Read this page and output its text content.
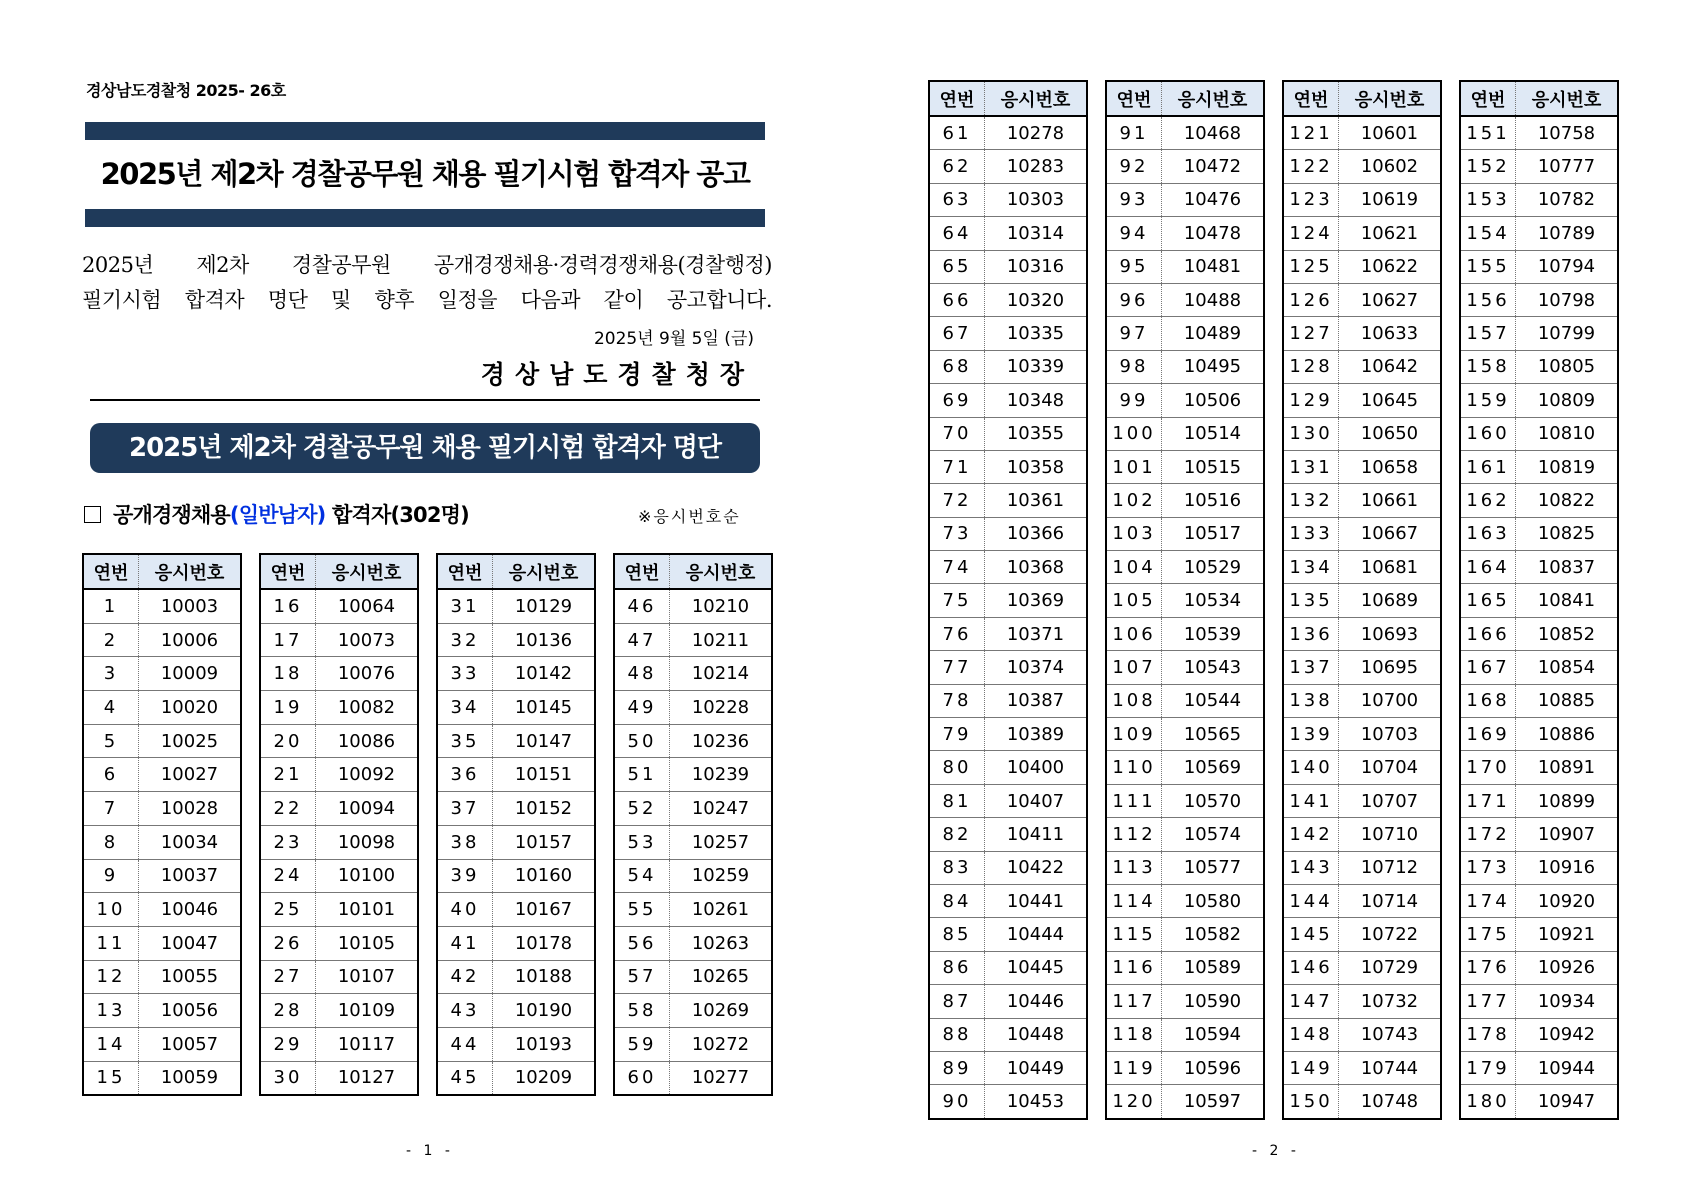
경상남도경찰청 2025- 26호
2025년 제2차 경찰공무원 채용 필기시험 합격자 공고
2025년 제2차 경찰공무원 공개경쟁채용·경력경쟁채용(경찰행정)
필기시험 합격자 명단 및 향후 일정을 다음과 같이 공고합니다.
2025년 9월 5일 (금)
경상남도경찰청장
2025년 제2차 경찰공무원 채용 필기시험 합격자 명단
공개경쟁채용(일반남자) 합격자(302명)	※응시번호순
연번	응시번호
1	10003
2	10006
3	10009
4	10020
5	10025
6	10027
7	10028
8	10034
9	10037
10	10046
11	10047
12	10055
13	10056
14	10057
15	10059
연번	응시번호
16	10064
17	10073
18	10076
19	10082
20	10086
21	10092
22	10094
23	10098
24	10100
25	10101
26	10105
27	10107
28	10109
29	10117
30	10127
연번	응시번호
31	10129
32	10136
33	10142
34	10145
35	10147
36	10151
37	10152
38	10157
39	10160
40	10167
41	10178
42	10188
43	10190
44	10193
45	10209
연번	응시번호
46	10210
47	10211
48	10214
49	10228
50	10236
51	10239
52	10247
53	10257
54	10259
55	10261
56	10263
57	10265
58	10269
59	10272
60	10277
- 1 -
연번	응시번호
61	10278
62	10283
63	10303
64	10314
65	10316
66	10320
67	10335
68	10339
69	10348
70	10355
71	10358
72	10361
73	10366
74	10368
75	10369
76	10371
77	10374
78	10387
79	10389
80	10400
81	10407
82	10411
83	10422
84	10441
85	10444
86	10445
87	10446
88	10448
89	10449
90	10453
연번	응시번호
91	10468
92	10472
93	10476
94	10478
95	10481
96	10488
97	10489
98	10495
99	10506
100	10514
101	10515
102	10516
103	10517
104	10529
105	10534
106	10539
107	10543
108	10544
109	10565
110	10569
111	10570
112	10574
113	10577
114	10580
115	10582
116	10589
117	10590
118	10594
119	10596
120	10597
연번	응시번호
121	10601
122	10602
123	10619
124	10621
125	10622
126	10627
127	10633
128	10642
129	10645
130	10650
131	10658
132	10661
133	10667
134	10681
135	10689
136	10693
137	10695
138	10700
139	10703
140	10704
141	10707
142	10710
143	10712
144	10714
145	10722
146	10729
147	10732
148	10743
149	10744
150	10748
연번	응시번호
151	10758
152	10777
153	10782
154	10789
155	10794
156	10798
157	10799
158	10805
159	10809
160	10810
161	10819
162	10822
163	10825
164	10837
165	10841
166	10852
167	10854
168	10885
169	10886
170	10891
171	10899
172	10907
173	10916
174	10920
175	10921
176	10926
177	10934
178	10942
179	10944
180	10947
- 2 -
